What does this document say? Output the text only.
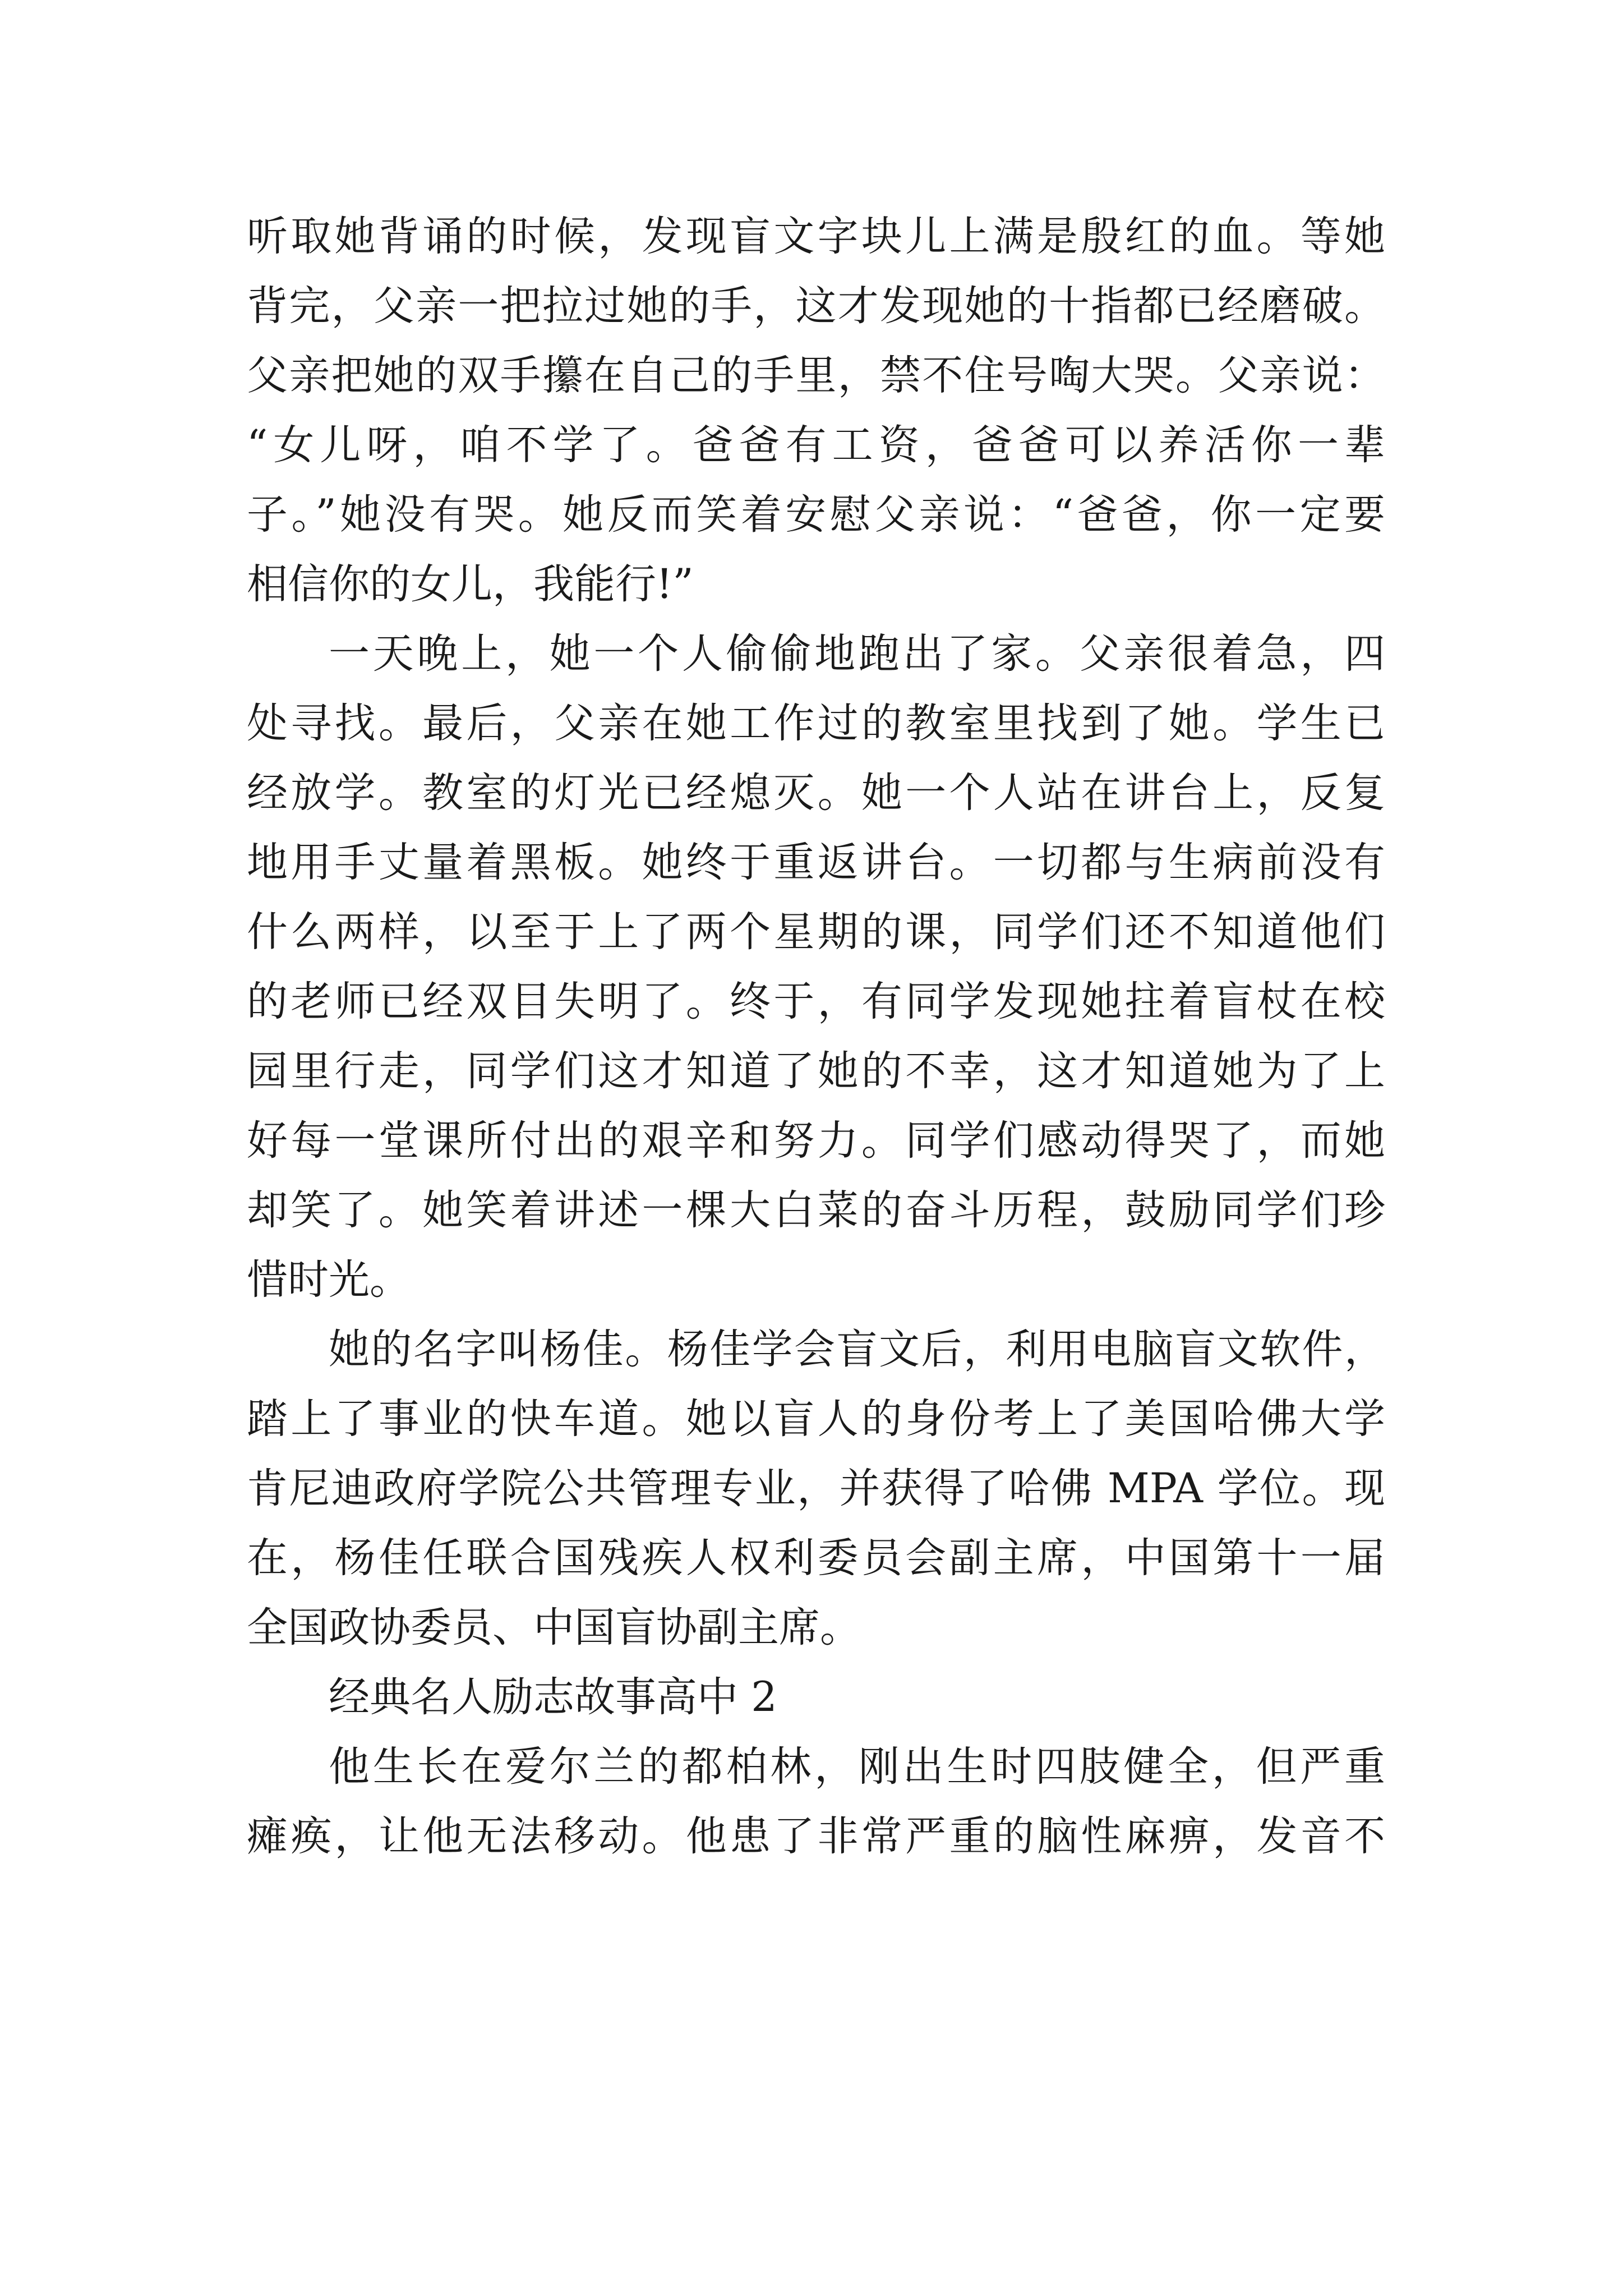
听取她背诵的时候，发现盲文字块儿上满是殷红的血。等她
背完，父亲一把拉过她的手，这才发现她的十指都已经磨破。
父亲把她的双手攥在自己的手里，禁不住号啕大哭。父亲说：
“女儿呀，咱不学了。爸爸有工资，爸爸可以养活你一辈
子。”她没有哭。她反而笑着安慰父亲说：“爸爸，你一定要
相信你的女儿，我能行!”
一天晚上，她一个人偷偷地跑出了家。父亲很着急，四
处寻找。最后，父亲在她工作过的教室里找到了她。学生已
经放学。教室的灯光已经熄灭。她一个人站在讲台上，反复
地用手丈量着黑板。她终于重返讲台。一切都与生病前没有
什么两样，以至于上了两个星期的课，同学们还不知道他们
的老师已经双目失明了。终于，有同学发现她拄着盲杖在校
园里行走，同学们这才知道了她的不幸，这才知道她为了上
好每一堂课所付出的艰辛和努力。同学们感动得哭了，而她
却笑了。她笑着讲述一棵大白菜的奋斗历程，鼓励同学们珍
惜时光。
她的名字叫杨佳。杨佳学会盲文后，利用电脑盲文软件，
踏上了事业的快车道。她以盲人的身份考上了美国哈佛大学
肯尼迪政府学院公共管理专业，并获得了哈佛 MPA 学位。现
在，杨佳任联合国残疾人权利委员会副主席，中国第十一届
全国政协委员、中国盲协副主席。
经典名人励志故事高中 2
他生长在爱尔兰的都柏林，刚出生时四肢健全，但严重
瘫痪，让他无法移动。他患了非常严重的脑性麻痹，发音不
